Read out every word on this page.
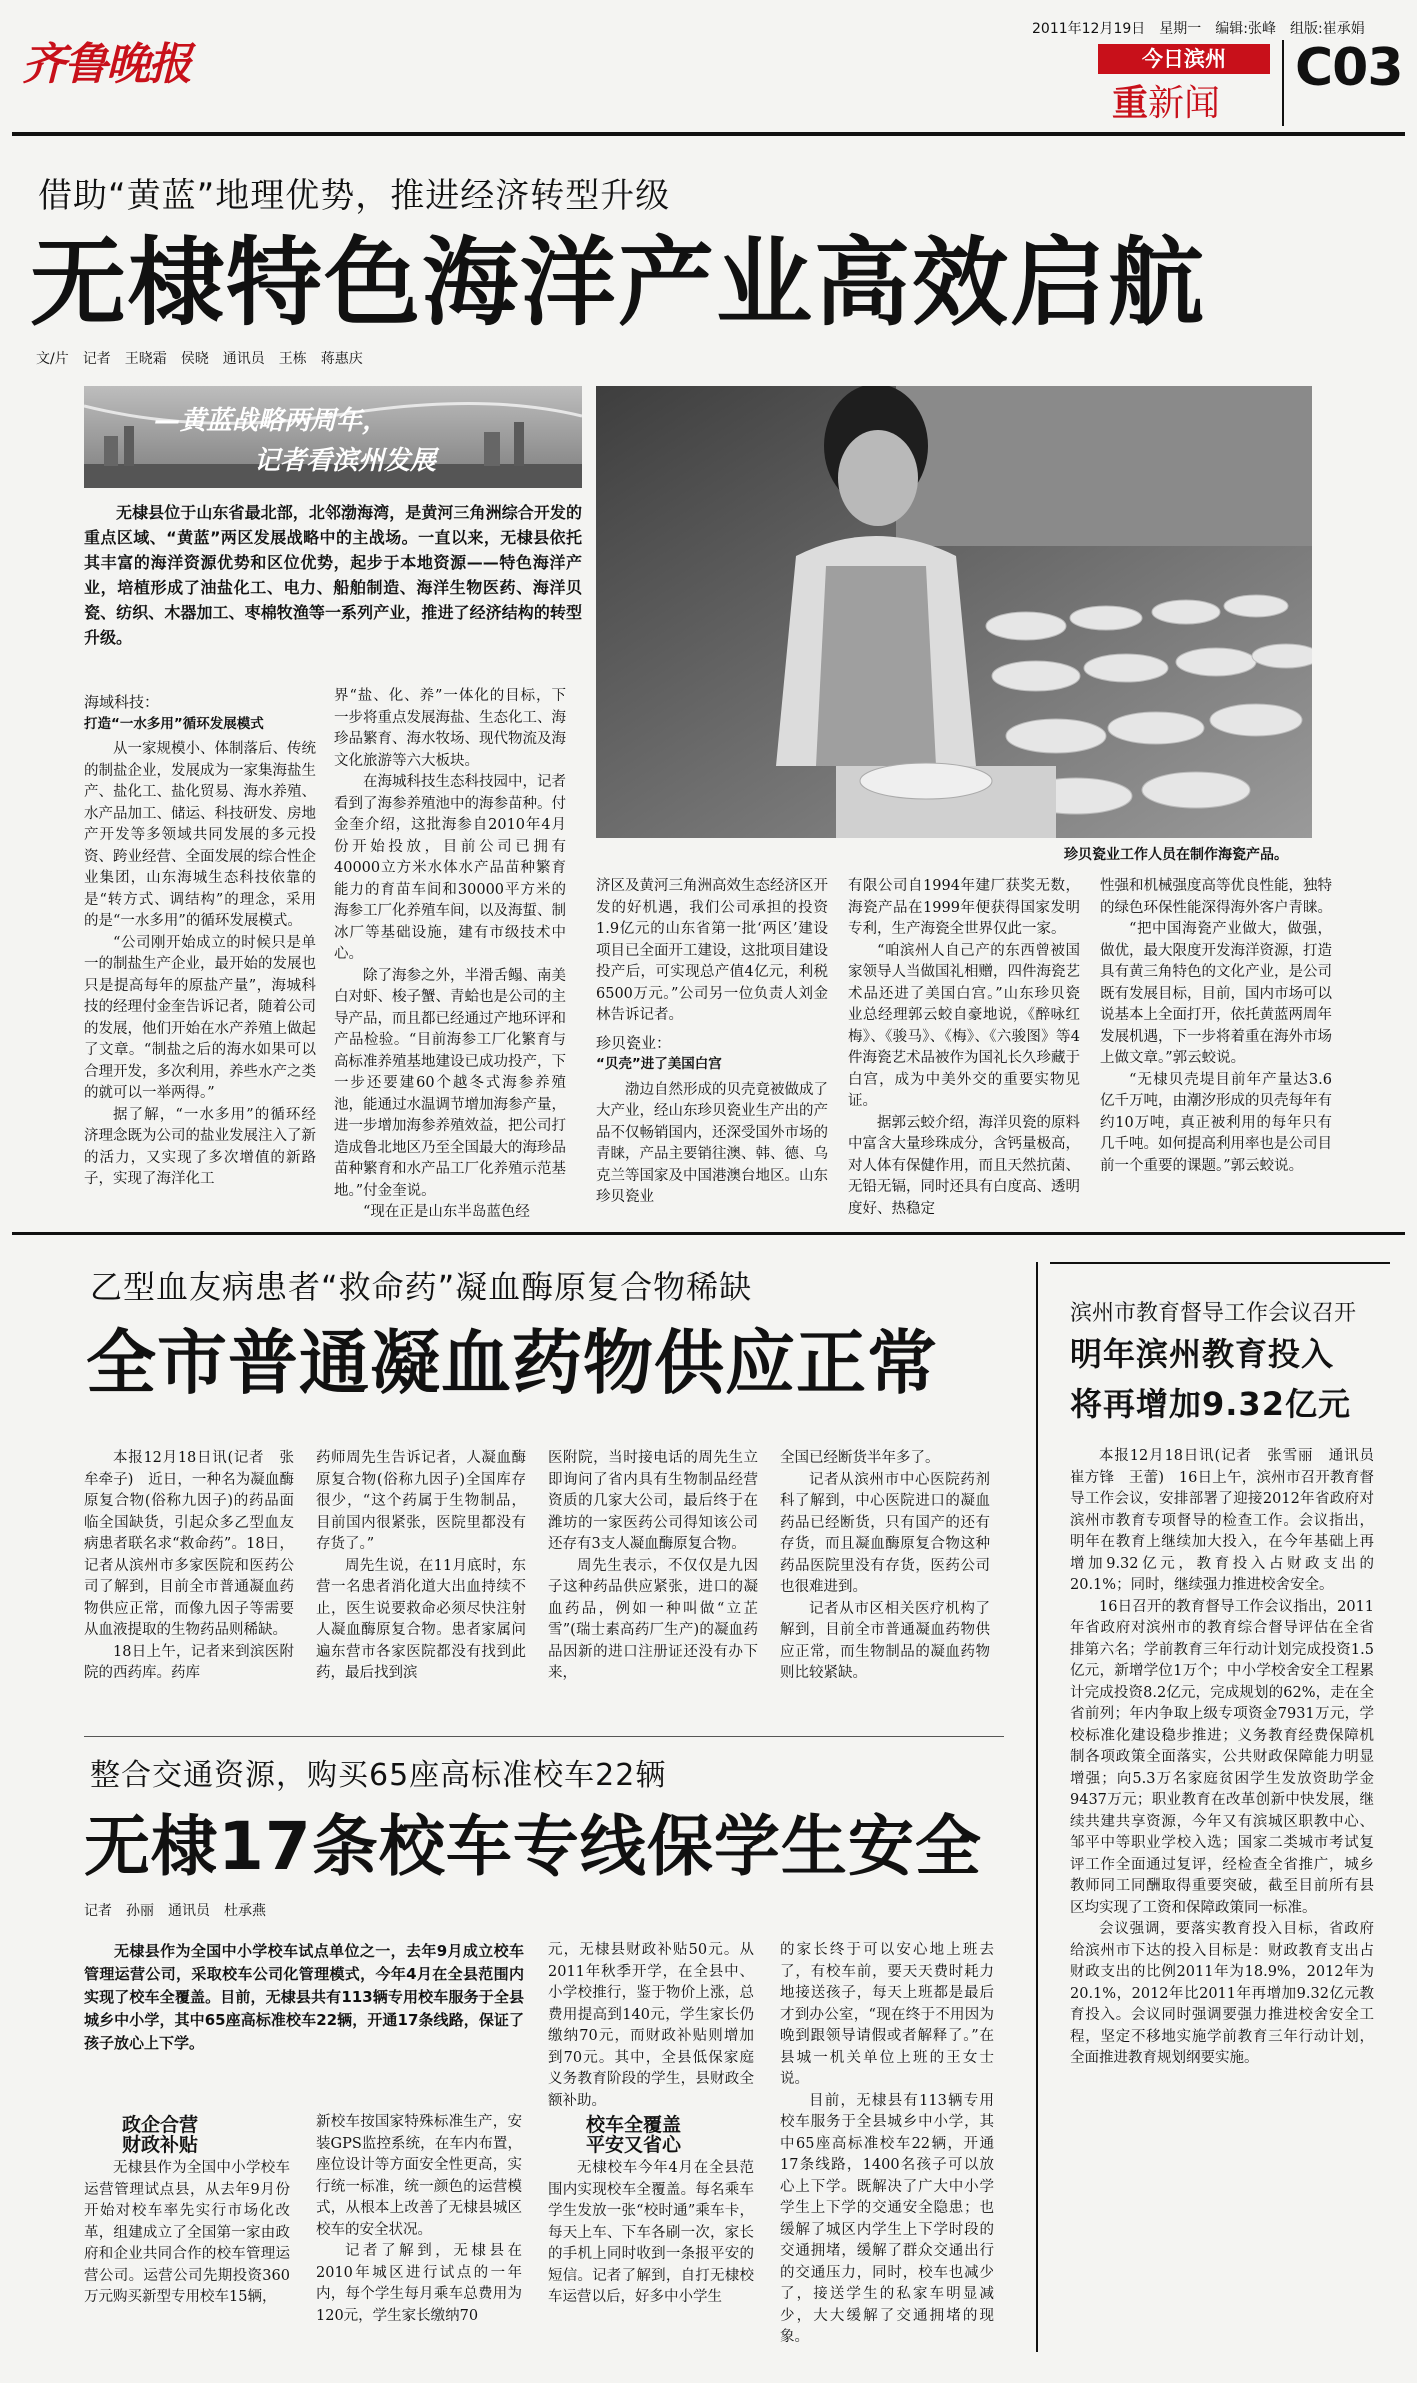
齐鲁晚报
2011年12月19日　星期一　编辑:张峰　组版:崔承娟
今日滨州
重新闻
C03
借助“黄蓝”地理优势，推进经济转型升级
无棣特色海洋产业高效启航
文/片　记者　王晓霜　侯晓　通讯员　王栋　蒋惠庆
—黄蓝战略两周年，
记者看滨州发展

无棣县位于山东省最北部，北邻渤海湾，是黄河三角洲综合开发的重点区域、“黄蓝”两区发展战略中的主战场。一直以来，无棣县依托其丰富的海洋资源优势和区位优势，起步于本地资源——特色海洋产业，培植形成了油盐化工、电力、船舶制造、海洋生物医药、海洋贝瓷、纺织、木器加工、枣棉牧渔等一系列产业，推进了经济结构的转型升级。

珍贝瓷业工作人员在制作海瓷产品。

海域科技：

打造“一水多用”循环发展模式

从一家规模小、体制落后、传统的制盐企业，发展成为一家集海盐生产、盐化工、盐化贸易、海水养殖、水产品加工、储运、科技研发、房地产开发等多领域共同发展的多元投资、跨业经营、全面发展的综合性企业集团，山东海城生态科技依靠的是“转方式、调结构”的理念，采用的是“一水多用”的循环发展模式。

“公司刚开始成立的时候只是单一的制盐生产企业，最开始的发展也只是提高每年的原盐产量”，海城科技的经理付金奎告诉记者，随着公司的发展，他们开始在水产养殖上做起了文章。“制盐之后的海水如果可以合理开发，多次利用，养些水产之类的就可以一举两得。”

据了解，“一水多用”的循环经济理念既为公司的盐业发展注入了新的活力，又实现了多次增值的新路子，实现了海洋化工

界“盐、化、养”一体化的目标，下一步将重点发展海盐、生态化工、海珍品繁育、海水牧场、现代物流及海文化旅游等六大板块。

在海城科技生态科技园中，记者看到了海参养殖池中的海参苗种。付金奎介绍，这批海参自2010年4月份开始投放，目前公司已拥有40000立方米水体水产品苗种繁育能力的育苗车间和30000平方米的海参工厂化养殖车间，以及海蜇、制冰厂等基础设施，建有市级技术中心。

除了海参之外，半滑舌鳎、南美白对虾、梭子蟹、青蛤也是公司的主导产品，而且都已经通过产地环评和产品检验。“目前海参工厂化繁育与高标准养殖基地建设已成功投产，下一步还要建60个越冬式海参养殖池，能通过水温调节增加海参产量，进一步增加海参养殖效益，把公司打造成鲁北地区乃至全国最大的海珍品苗种繁育和水产品工厂化养殖示范基地。”付金奎说。

“现在正是山东半岛蓝色经

济区及黄河三角洲高效生态经济区开发的好机遇，我们公司承担的投资1.9亿元的山东省第一批‘两区’建设项目已全面开工建设，这批项目建设投产后，可实现总产值4亿元，利税6500万元。”公司另一位负责人刘金林告诉记者。

珍贝瓷业：

“贝壳”进了美国白宫

渤边自然形成的贝壳竟被做成了大产业，经山东珍贝瓷业生产出的产品不仅畅销国内，还深受国外市场的青睐，产品主要销往澳、韩、德、乌克兰等国家及中国港澳台地区。山东珍贝瓷业

有限公司自1994年建厂获奖无数，海瓷产品在1999年便获得国家发明专利，生产海瓷全世界仅此一家。

“咱滨州人自己产的东西曾被国家领导人当做国礼相赠，四件海瓷艺术品还进了美国白宫。”山东珍贝瓷业总经理郭云蛟自豪地说，《醉咏红梅》、《骏马》、《梅》、《六骏图》等4件海瓷艺术品被作为国礼长久珍藏于白宫，成为中美外交的重要实物见证。

据郭云蛟介绍，海洋贝瓷的原料中富含大量珍珠成分，含钙量极高，对人体有保健作用，而且天然抗菌、无铅无镉，同时还具有白度高、透明度好、热稳定

性强和机械强度高等优良性能，独特的绿色环保性能深得海外客户青睐。

“把中国海瓷产业做大，做强，做优，最大限度开发海洋资源，打造具有黄三角特色的文化产业，是公司既有发展目标，目前，国内市场可以说基本上全面打开，依托黄蓝两周年发展机遇，下一步将着重在海外市场上做文章。”郭云蛟说。

“无棣贝壳堤目前年产量达3.6亿千万吨，由潮汐形成的贝壳每年有约10万吨，真正被利用的每年只有几千吨。如何提高利用率也是公司目前一个重要的课题。”郭云蛟说。

乙型血友病患者“救命药”凝血酶原复合物稀缺
全市普通凝血药物供应正常

本报12月18日讯(记者　张牟牵子)　近日，一种名为凝血酶原复合物(俗称九因子)的药品面临全国缺货，引起众多乙型血友病患者联名求“救命药”。18日，记者从滨州市多家医院和医药公司了解到，目前全市普通凝血药物供应正常，而像九因子等需要从血液提取的生物药品则稀缺。

18日上午，记者来到滨医附院的西药库。药库

药师周先生告诉记者，人凝血酶原复合物(俗称九因子)全国库存很少，“这个药属于生物制品，目前国内很紧张，医院里都没有存货了。”

周先生说，在11月底时，东营一名患者消化道大出血持续不止，医生说要救命必须尽快注射人凝血酶原复合物。患者家属问遍东营市各家医院都没有找到此药，最后找到滨

医附院，当时接电话的周先生立即询问了省内具有生物制品经营资质的几家大公司，最后终于在潍坊的一家医药公司得知该公司还存有3支人凝血酶原复合物。

周先生表示，不仅仅是九因子这种药品供应紧张，进口的凝血药品，例如一种叫做“立芷雪”(瑞士素高药厂生产)的凝血药品因新的进口注册证还没有办下来，

全国已经断货半年多了。

记者从滨州市中心医院药剂科了解到，中心医院进口的凝血药品已经断货，只有国产的还有存货，而且凝血酶原复合物这种药品医院里没有存货，医药公司也很难进到。

记者从市区相关医疗机构了解到，目前全市普通凝血药物供应正常，而生物制品的凝血药物则比较紧缺。

滨州市教育督导工作会议召开
明年滨州教育投入
将再增加9.32亿元

本报12月18日讯(记者　张雪丽　通讯员　崔方锋　王蕾)　16日上午，滨州市召开教育督导工作会议，安排部署了迎接2012年省政府对滨州市教育专项督导的检查工作。会议指出，明年在教育上继续加大投入，在今年基础上再增加9.32亿元，教育投入占财政支出的20.1%；同时，继续强力推进校舍安全。

16日召开的教育督导工作会议指出，2011年省政府对滨州市的教育综合督导评估在全省排第六名；学前教育三年行动计划完成投资1.5亿元，新增学位1万个；中小学校舍安全工程累计完成投资8.2亿元，完成规划的62%，走在全省前列；年内争取上级专项资金7931万元，学校标准化建设稳步推进；义务教育经费保障机制各项政策全面落实，公共财政保障能力明显增强；向5.3万名家庭贫困学生发放资助学金9437万元；职业教育在改革创新中快发展，继续共建共享资源，今年又有滨城区职教中心、邹平中等职业学校入选；国家二类城市考试复评工作全面通过复评，经检查全省推广，城乡教师同工同酬取得重要突破，截至目前所有县区均实现了工资和保障政策同一标准。

会议强调，要落实教育投入目标，省政府给滨州市下达的投入目标是：财政教育支出占财政支出的比例2011年为18.9%，2012年为20.1%，2012年比2011年再增加9.32亿元教育投入。会议同时强调要强力推进校舍安全工程，坚定不移地实施学前教育三年行动计划，全面推进教育规划纲要实施。

整合交通资源，购买65座高标准校车22辆
无棣17条校车专线保学生安全
记者　孙丽　通讯员　杜承燕

无棣县作为全国中小学校车试点单位之一，去年9月成立校车管理运营公司，采取校车公司化管理模式，今年4月在全县范围内实现了校车全覆盖。目前，无棣县共有113辆专用校车服务于全县城乡中小学，其中65座高标准校车22辆，开通17条线路，保证了孩子放心上下学。

政企合营

财政补贴

无棣县作为全国中小学校车运营管理试点县，从去年9月份开始对校车率先实行市场化改革，组建成立了全国第一家由政府和企业共同合作的校车管理运营公司。运营公司先期投资360万元购买新型专用校车15辆，

新校车按国家特殊标准生产，安装GPS监控系统，在车内布置，座位设计等方面安全性更高，实行统一标准，统一颜色的运营模式，从根本上改善了无棣县城区校车的安全状况。

记者了解到，无棣县在2010年城区进行试点的一年内，每个学生每月乘车总费用为120元，学生家长缴纳70

元，无棣县财政补贴50元。从2011年秋季开学，在全县中、小学校推行，鉴于物价上涨，总费用提高到140元，学生家长仍缴纳70元，而财政补贴则增加到70元。其中，全县低保家庭义务教育阶段的学生，县财政全额补助。

校车全覆盖

平安又省心

无棣校车今年4月在全县范围内实现校车全覆盖。每名乘车学生发放一张“校时通”乘车卡，每天上车、下车各刷一次，家长的手机上同时收到一条报平安的短信。记者了解到，自打无棣校车运营以后，好多中小学生

的家长终于可以安心地上班去了，有校车前，要天天费时耗力地接送孩子，每天上班都是最后才到办公室，“现在终于不用因为晚到跟领导请假或者解释了。”在县城一机关单位上班的王女士说。

目前，无棣县有113辆专用校车服务于全县城乡中小学，其中65座高标准校车22辆，开通17条线路，1400名孩子可以放心上下学。既解决了广大中小学学生上下学的交通安全隐患；也缓解了城区内学生上下学时段的交通拥堵，缓解了群众交通出行的交通压力，同时，校车也减少了，接送学生的私家车明显减少，大大缓解了交通拥堵的现象。
